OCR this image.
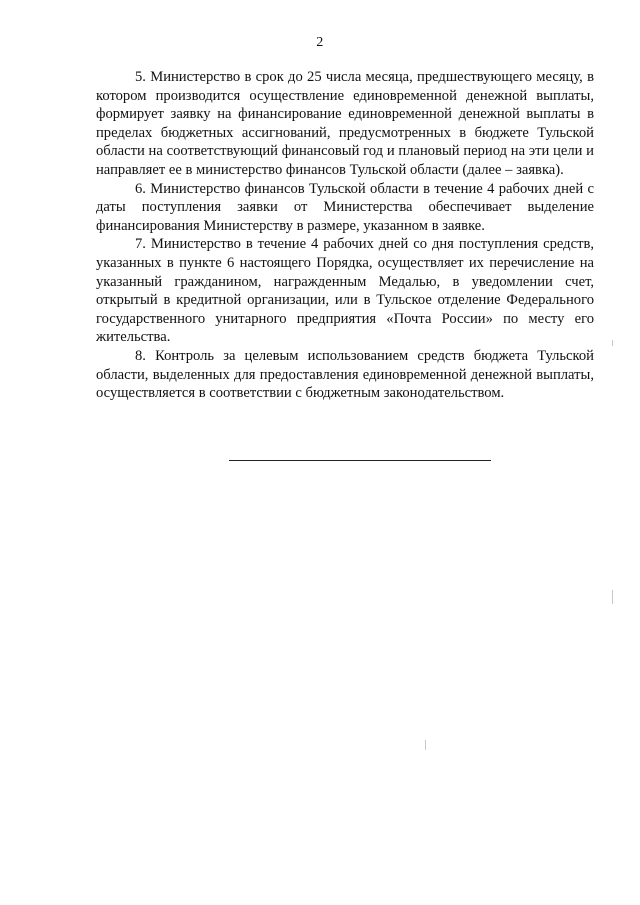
2

5. Министерство в срок до 25 числа месяца, предшествующего месяцу, в котором производится осуществление единовременной денежной выплаты, формирует заявку на финансирование единовременной денежной выплаты в пределах бюджетных ассигнований, предусмотренных в бюджете Тульской области на соответствующий финансовый год и плановый период на эти цели и направляет ее в министерство финансов Тульской области (далее – заявка).

6. Министерство финансов Тульской области в течение 4 рабочих дней с даты поступления заявки от Министерства обеспечивает выделение финансирования Министерству в размере, указанном в заявке.

7. Министерство в течение 4 рабочих дней со дня поступления средств, указанных в пункте 6 настоящего Порядка, осуществляет их перечисление на указанный гражданином, награжденным Медалью, в уведомлении счет, открытый в кредитной организации, или в Тульское отделение Федерального государственного унитарного предприятия «Почта России» по месту его жительства.

8. Контроль за целевым использованием средств бюджета Тульской области, выделенных для предоставления единовременной денежной выплаты, осуществляется в соответствии с бюджетным законодательством.
